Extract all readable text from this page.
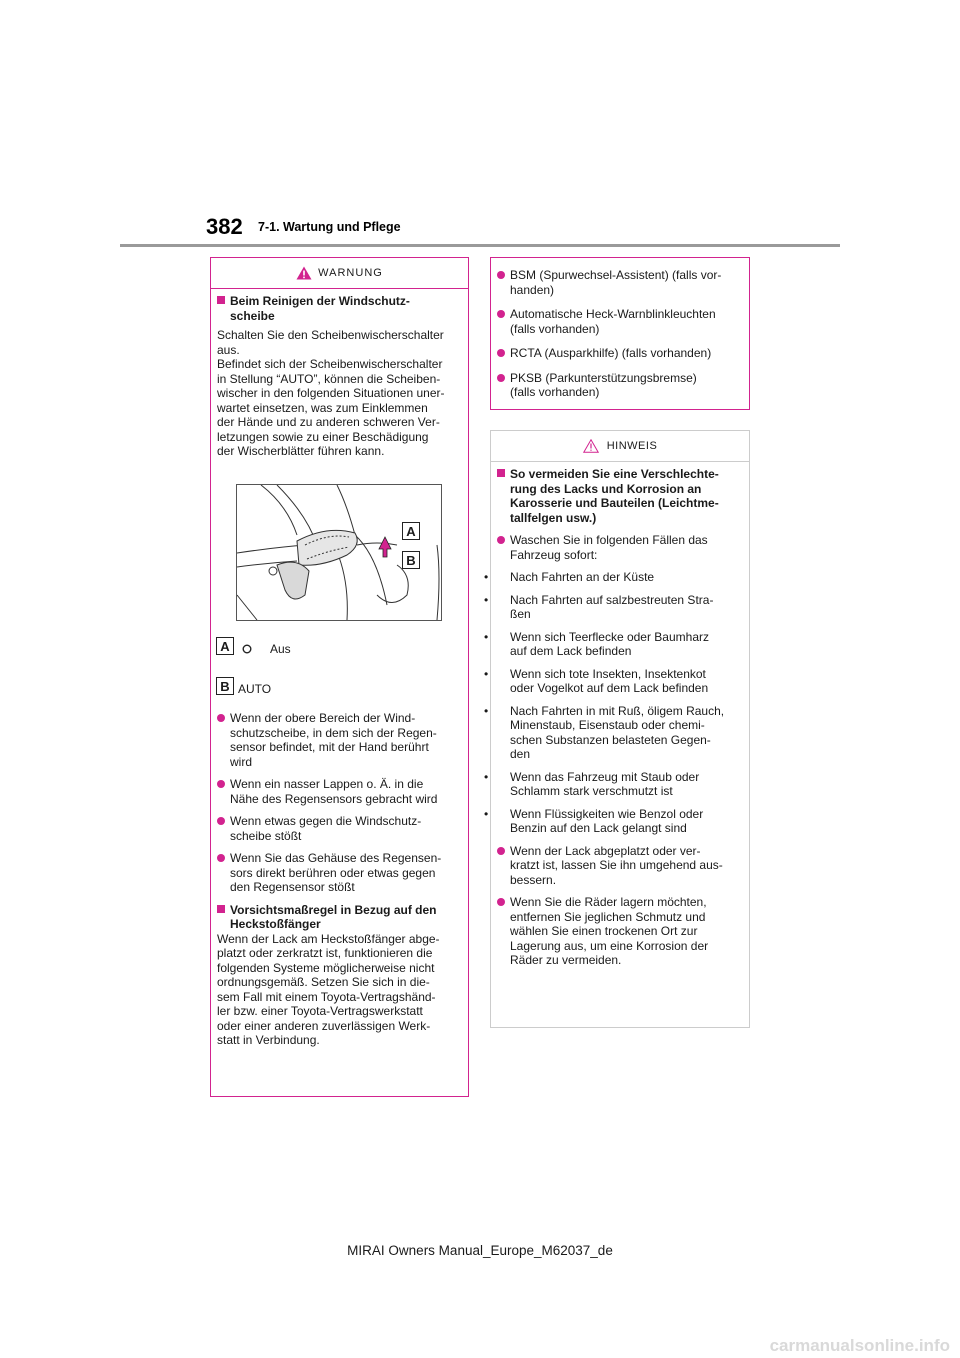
382 7-1. Wartung und Pflege
WARNUNG

Beim Reinigen der Windschutz-
scheibe

Schalten Sie den Scheibenwischerschalter
aus.
Befindet sich der Scheibenwischerschalter
in Stellung “AUTO”, können die Scheiben-
wischer in den folgenden Situationen uner-
wartet einsetzen, was zum Einklemmen
der Hände und zu anderen schweren Ver-
letzungen sowie zu einer Beschädigung
der Wischerblätter führen kann.

A	Aus
B AUTO

Wenn der obere Bereich der Wind-
schutzscheibe, in dem sich der Regen-
sensor befindet, mit der Hand berührt
wird

Wenn ein nasser Lappen o. Ä. in die
Nähe des Regensensors gebracht wird

Wenn etwas gegen die Windschutz-
scheibe stößt

Wenn Sie das Gehäuse des Regensen-
sors direkt berühren oder etwas gegen
den Regensensor stößt

Vorsichtsmaßregel in Bezug auf den
Heckstoßfänger

Wenn der Lack am Heckstoßfänger abge-
platzt oder zerkratzt ist, funktionieren die
folgenden Systeme möglicherweise nicht
ordnungsgemäß. Setzen Sie sich in die-
sem Fall mit einem Toyota-Vertragshänd-
ler bzw. einer Toyota-Vertragswerkstatt
oder einer anderen zuverlässigen Werk-
statt in Verbindung.

A
B

BSM (Spurwechsel-Assistent) (falls vor-
handen)

Automatische Heck-Warnblinkleuchten
(falls vorhanden)

RCTA (Ausparkhilfe) (falls vorhanden)

PKSB (Parkunterstützungsbremse)
(falls vorhanden)

HINWEIS

So vermeiden Sie eine Verschlechte-
rung des Lacks und Korrosion an
Karosserie und Bauteilen (Leichtme-
tallfelgen usw.)

Waschen Sie in folgenden Fällen das
Fahrzeug sofort:

• Nach Fahrten an der Küste

• Nach Fahrten auf salzbestreuten Stra-
ßen

• Wenn sich Teerflecke oder Baumharz
auf dem Lack befinden

• Wenn sich tote Insekten, Insektenkot
oder Vogelkot auf dem Lack befinden

• Nach Fahrten in mit Ruß, öligem Rauch,
Minenstaub, Eisenstaub oder chemi-
schen Substanzen belasteten Gegen-
den

• Wenn das Fahrzeug mit Staub oder
Schlamm stark verschmutzt ist

• Wenn Flüssigkeiten wie Benzol oder
Benzin auf den Lack gelangt sind

Wenn der Lack abgeplatzt oder ver-
kratzt ist, lassen Sie ihn umgehend aus-
bessern.

Wenn Sie die Räder lagern möchten,
entfernen Sie jeglichen Schmutz und
wählen Sie einen trockenen Ort zur
Lagerung aus, um eine Korrosion der
Räder zu vermeiden.

MIRAI Owners Manual_Europe_M62037_de
carmanualsonline.info
